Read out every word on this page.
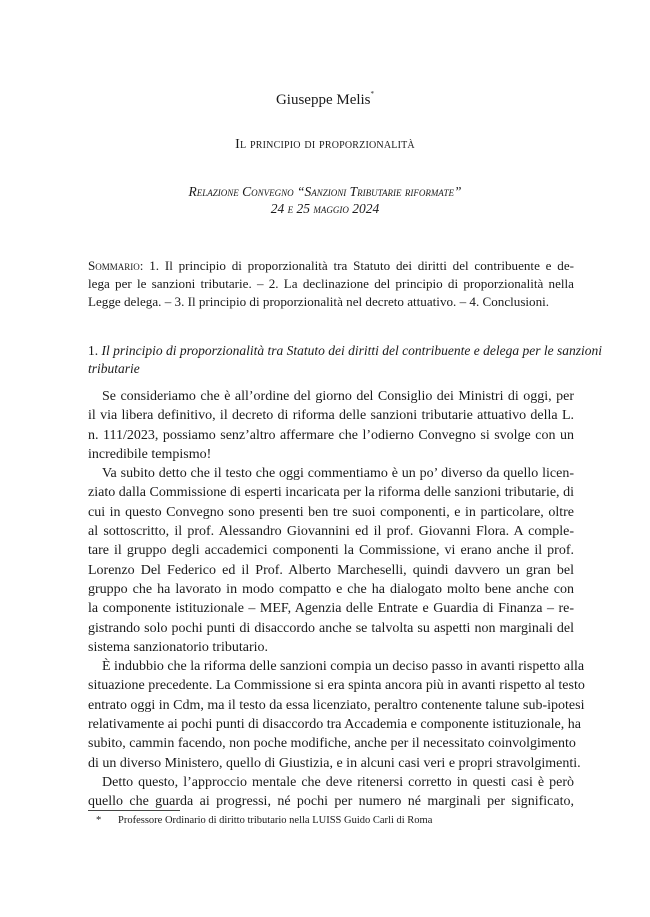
Giuseppe Melis*
Il principio di proporzionalità
Relazione Convegno “Sanzioni Tributarie riformate”
24 e 25 maggio 2024
Sommario: 1. Il principio di proporzionalità tra Statuto dei diritti del contribuente e de-
lega per le sanzioni tributarie. – 2. La declinazione del principio di proporzionalità nella
Legge delega. – 3. Il principio di proporzionalità nel decreto attuativo. – 4. Conclusioni.
1. Il principio di proporzionalità tra Statuto dei diritti del contribuente e delega per le sanzioni
tributarie
Se consideriamo che è all’ordine del giorno del Consiglio dei Ministri di oggi, per
il via libera definitivo, il decreto di riforma delle sanzioni tributarie attuativo della L.
n. 111/2023, possiamo senz’altro affermare che l’odierno Convegno si svolge con un
incredibile tempismo!
Va subito detto che il testo che oggi commentiamo è un po’ diverso da quello licen-
ziato dalla Commissione di esperti incaricata per la riforma delle sanzioni tributarie, di
cui in questo Convegno sono presenti ben tre suoi componenti, e in particolare, oltre
al sottoscritto, il prof. Alessandro Giovannini ed il prof. Giovanni Flora. A comple-
tare il gruppo degli accademici componenti la Commissione, vi erano anche il prof.
Lorenzo Del Federico ed il Prof. Alberto Marcheselli, quindi davvero un gran bel
gruppo che ha lavorato in modo compatto e che ha dialogato molto bene anche con
la componente istituzionale – MEF, Agenzia delle Entrate e Guardia di Finanza – re-
gistrando solo pochi punti di disaccordo anche se talvolta su aspetti non marginali del
sistema sanzionatorio tributario.
È indubbio che la riforma delle sanzioni compia un deciso passo in avanti rispetto alla
situazione precedente. La Commissione si era spinta ancora più in avanti rispetto al testo
entrato oggi in Cdm, ma il testo da essa licenziato, peraltro contenente talune sub-ipotesi
relativamente ai pochi punti di disaccordo tra Accademia e componente istituzionale, ha
subito, cammin facendo, non poche modifiche, anche per il necessitato coinvolgimento
di un diverso Ministero, quello di Giustizia, e in alcuni casi veri e propri stravolgimenti.
Detto questo, l’approccio mentale che deve ritenersi corretto in questi casi è però
quello che guarda ai progressi, né pochi per numero né marginali per significato,
* Professore Ordinario di diritto tributario nella LUISS Guido Carli di Roma
